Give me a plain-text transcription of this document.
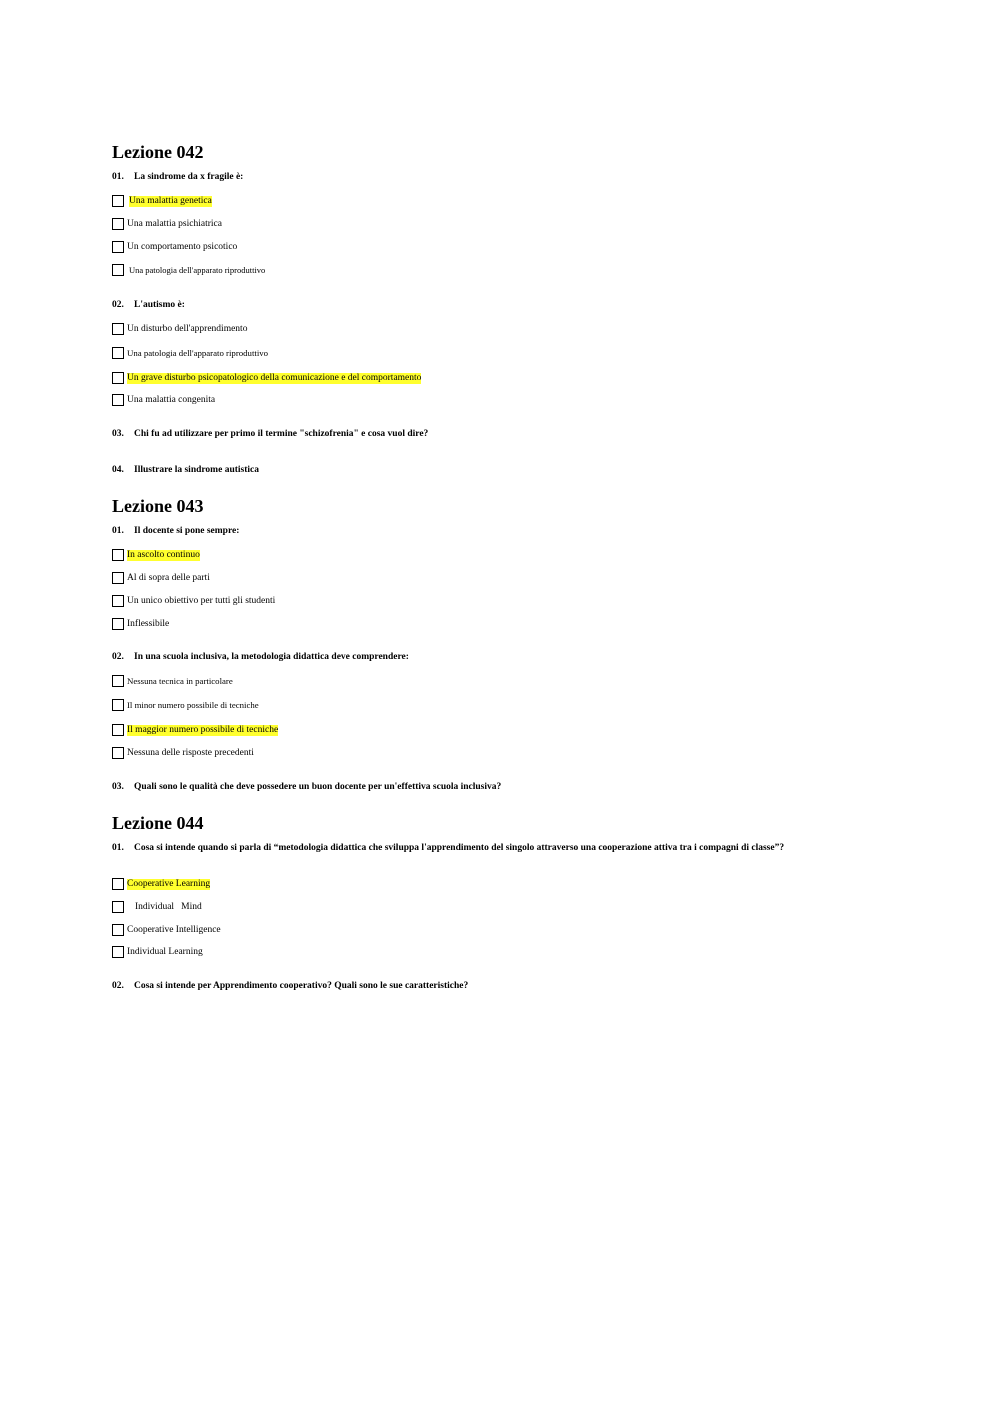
Lezione 042
01. La sindrome da x fragile è:
Una malattia genetica
Una malattia psichiatrica
Un comportamento psicotico
Una patologia dell'apparato riproduttivo
02. L'autismo è:
Un disturbo dell'apprendimento
Una patologia dell'apparato riproduttivo
Un grave disturbo psicopatologico della comunicazione e del comportamento
Una malattia congenita
03. Chi fu ad utilizzare per primo il termine "schizofrenia" e cosa vuol dire?
04. Illustrare la sindrome autistica
Lezione 043
01. Il docente si pone sempre:
In ascolto continuo
Al di sopra delle parti
Un unico obiettivo per tutti gli studenti
Inflessibile
02. In una scuola inclusiva, la metodologia didattica deve comprendere:
Nessuna tecnica in particolare
Il minor numero possibile di tecniche
Il maggior numero possibile di tecniche
Nessuna delle risposte precedenti
03. Quali sono le qualità che deve possedere un buon docente per un'effettiva scuola inclusiva?
Lezione 044
01. Cosa si intende quando si parla di “metodologia didattica che sviluppa l'apprendimento del singolo attraverso una cooperazione attiva tra i compagni di classe”?
Cooperative Learning
Individual   Mind
Cooperative Intelligence
Individual Learning
02. Cosa si intende per Apprendimento cooperativo? Quali sono le sue caratteristiche?
